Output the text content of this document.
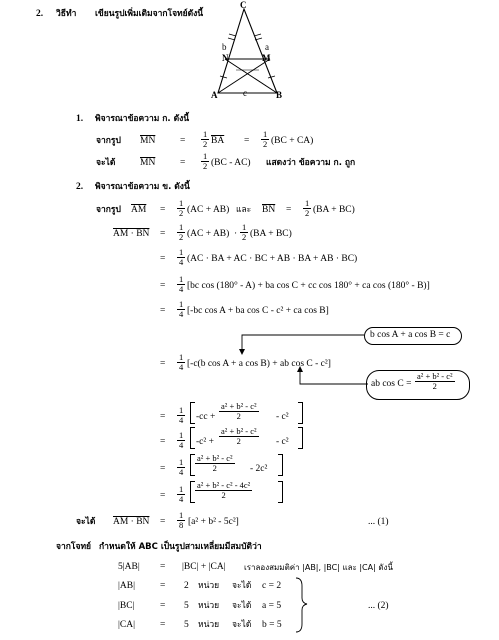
2. วิธีทำ เขียนรูปเพิ่มเติมจากโจทย์ดังนี้
C
A	B
N	M
a
b
c
1. พิจารณาข้อความ ก. ดังนี้
จากรูป $\overline{MN}$	=
1
2 $\overline{BA}$ =
1
2 (BC + CA)
จะได้	$\overline{MN}$	=
1
2 (BC - AC) แสดงว่า ข้อความ ก. ถูก
2. พิจารณาข้อความ ข. ดังนี้
จากรูป $\overline{AM}$ =
1
2 (AC + AB) และ $\overline{BN}$ =
1
2 (BA + BC)
AM · BN =
1
2 (AC + AB) ·
1
2 (BA + BC)
=
1
4 (AC · BA + AC · BC + AB · BA + AB · BC)
=
1
4 [bc cos (180° - A) + ba cos C + cc cos 180° + ca cos (180° - B)]
=
1
4 [-bc cos A + ba cos C - c² + ca cos B]
b cos A + a cos B = c
=
1
4 [-c(b cos A + a cos B) + ab cos C - c²]
ab cos C =
a² + b² - c²
2
=
1
4 -cc +
a² + b² - c²
2	- c²
=
1
4 -c² +
a² + b² - c²
2	- c²
=
1
4
a² + b² - c²
2	- 2c²
=
1
4
a² + b² - c² - 4c²
2
จะได้ AM · BN =
1
8 [a² + b² - 5c²]	... (1)
จากโจทย์ กำหนดให้ ABC เป็นรูปสามเหลี่ยมมีสมบัติว่า
5|AB| = |BC| + |CA| เราลองสมมติค่า |AB|, |BC| และ |CA| ดังนี้
|AB|	= 2 หน่วย จะได้ c = 2
|BC|	= 5 หน่วย จะได้ a = 5
|CA|	= 5 หน่วย จะได้ b = 5
... (2)
